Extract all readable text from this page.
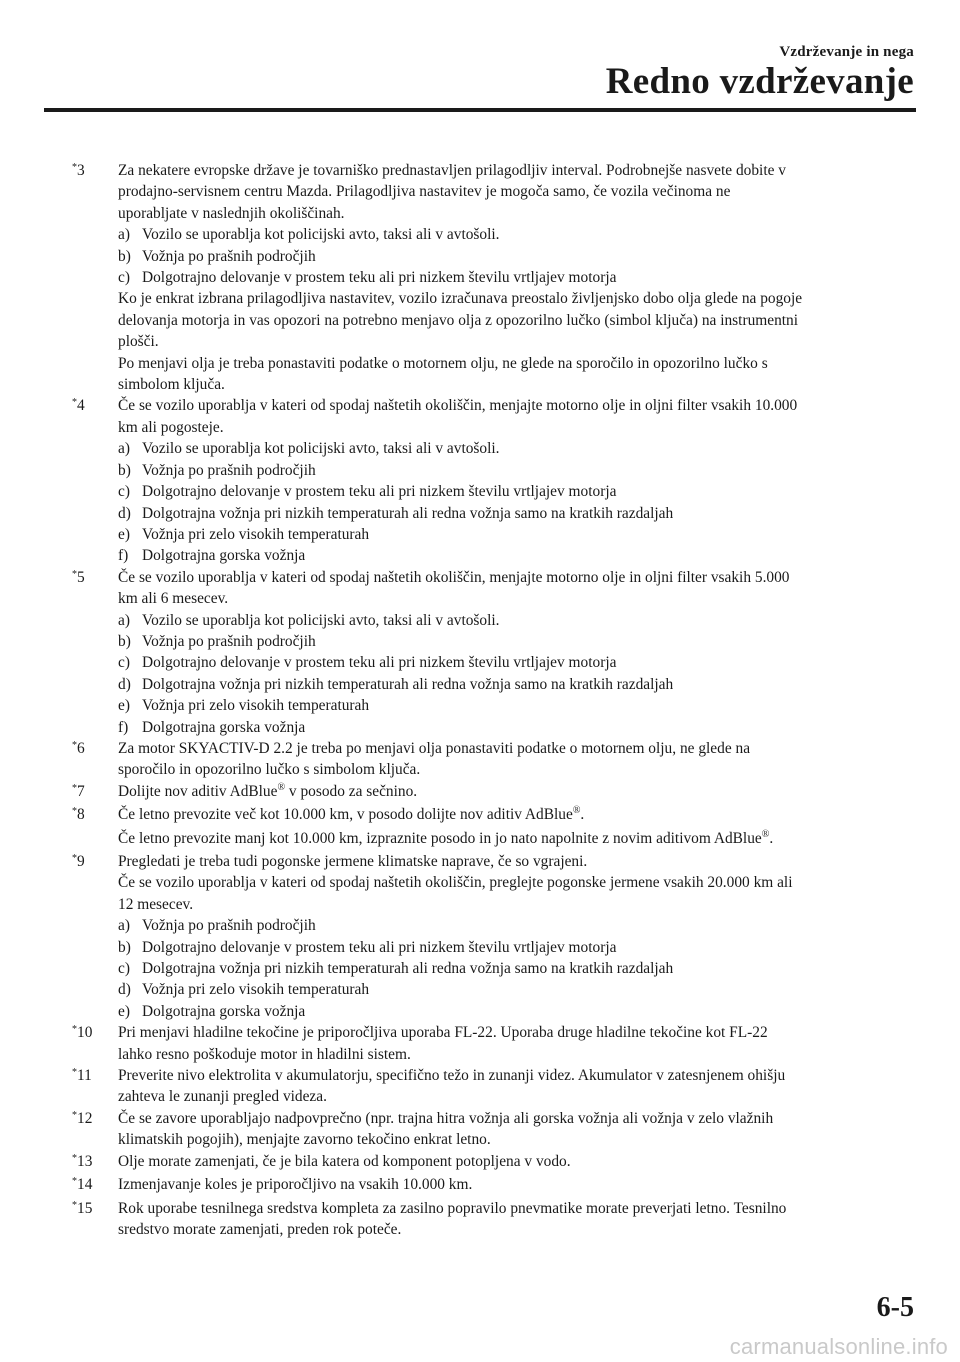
Vzdrževanje in nega
Redno vzdrževanje
*3	Za nekatere evropske države je tovarniško prednastavljen prilagodljiv interval. Podrobnejše nasvete dobite v
prodajno-servisnem centru Mazda. Prilagodljiva nastavitev je mogoča samo, če vozila večinoma ne
uporabljate v naslednjih okoliščinah.
a) Vozilo se uporablja kot policijski avto, taksi ali v avtošoli.
b) Vožnja po prašnih področjih
c) Dolgotrajno delovanje v prostem teku ali pri nizkem številu vrtljajev motorja
Ko je enkrat izbrana prilagodljiva nastavitev, vozilo izračunava preostalo življenjsko dobo olja glede na pogoje
delovanja motorja in vas opozori na potrebno menjavo olja z opozorilno lučko (simbol ključa) na instrumentni
plošči.
Po menjavi olja je treba ponastaviti podatke o motornem olju, ne glede na sporočilo in opozorilno lučko s
simbolom ključa.
*4	Če se vozilo uporablja v kateri od spodaj naštetih okoliščin, menjajte motorno olje in oljni filter vsakih 10.000
km ali pogosteje.
a) Vozilo se uporablja kot policijski avto, taksi ali v avtošoli.
b) Vožnja po prašnih področjih
c) Dolgotrajno delovanje v prostem teku ali pri nizkem številu vrtljajev motorja
d) Dolgotrajna vožnja pri nizkih temperaturah ali redna vožnja samo na kratkih razdaljah
e) Vožnja pri zelo visokih temperaturah
f) Dolgotrajna gorska vožnja
*5	Če se vozilo uporablja v kateri od spodaj naštetih okoliščin, menjajte motorno olje in oljni filter vsakih 5.000
km ali 6 mesecev.
a) Vozilo se uporablja kot policijski avto, taksi ali v avtošoli.
b) Vožnja po prašnih področjih
c) Dolgotrajno delovanje v prostem teku ali pri nizkem številu vrtljajev motorja
d) Dolgotrajna vožnja pri nizkih temperaturah ali redna vožnja samo na kratkih razdaljah
e) Vožnja pri zelo visokih temperaturah
f) Dolgotrajna gorska vožnja
*6	Za motor SKYACTIV-D 2.2 je treba po menjavi olja ponastaviti podatke o motornem olju, ne glede na
sporočilo in opozorilno lučko s simbolom ključa.
*7	Dolijte nov aditiv AdBlue® v posodo za sečnino.
*8	Če letno prevozite več kot 10.000 km, v posodo dolijte nov aditiv AdBlue®.
Če letno prevozite manj kot 10.000 km, izpraznite posodo in jo nato napolnite z novim aditivom AdBlue®.
*9	Pregledati je treba tudi pogonske jermene klimatske naprave, če so vgrajeni.
Če se vozilo uporablja v kateri od spodaj naštetih okoliščin, preglejte pogonske jermene vsakih 20.000 km ali
12 mesecev.
a) Vožnja po prašnih področjih
b) Dolgotrajno delovanje v prostem teku ali pri nizkem številu vrtljajev motorja
c) Dolgotrajna vožnja pri nizkih temperaturah ali redna vožnja samo na kratkih razdaljah
d) Vožnja pri zelo visokih temperaturah
e) Dolgotrajna gorska vožnja
*10	Pri menjavi hladilne tekočine je priporočljiva uporaba FL-22. Uporaba druge hladilne tekočine kot FL-22
lahko resno poškoduje motor in hladilni sistem.
*11	Preverite nivo elektrolita v akumulatorju, specifično težo in zunanji videz. Akumulator v zatesnjenem ohišju
zahteva le zunanji pregled videza.
*12	Če se zavore uporabljajo nadpovprečno (npr. trajna hitra vožnja ali gorska vožnja ali vožnja v zelo vlažnih
klimatskih pogojih), menjajte zavorno tekočino enkrat letno.
*13	Olje morate zamenjati, če je bila katera od komponent potopljena v vodo.
*14	Izmenjavanje koles je priporočljivo na vsakih 10.000 km.
*15	Rok uporabe tesnilnega sredstva kompleta za zasilno popravilo pnevmatike morate preverjati letno. Tesnilno
sredstvo morate zamenjati, preden rok poteče.
6-5
carmanualsonline.info
